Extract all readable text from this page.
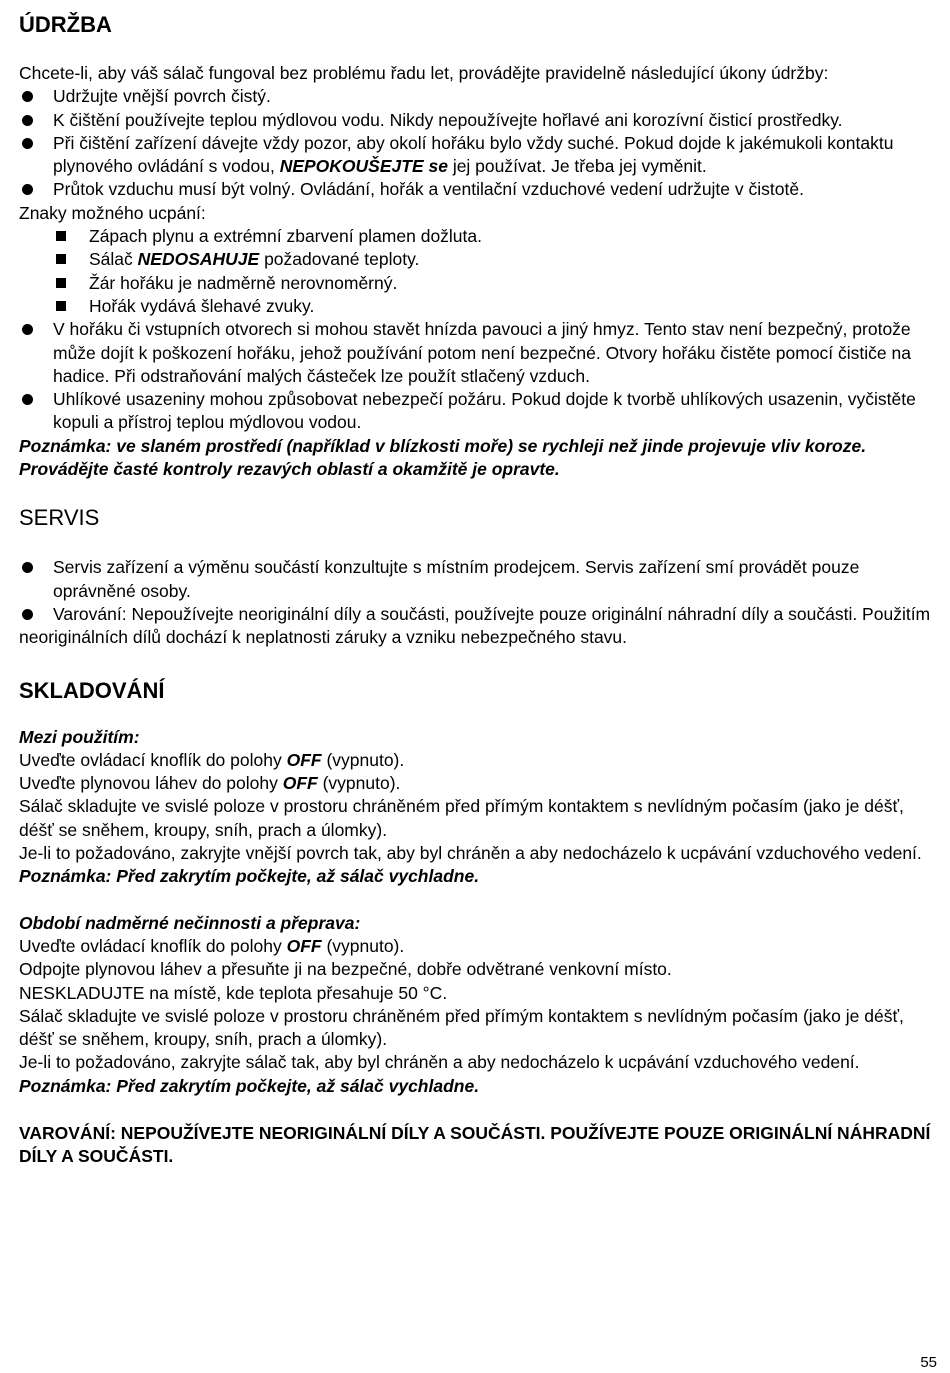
ÚDRŽBA

Chcete-li, aby váš sálač fungoval bez problému řadu let, provádějte pravidelně následující úkony údržby:

Udržujte vnější povrch čistý.
K čištění používejte teplou mýdlovou vodu. Nikdy nepoužívejte hořlavé ani korozívní čisticí prostředky.
Při čištění zařízení dávejte vždy pozor, aby okolí hořáku bylo vždy suché. Pokud dojde k jakémukoli kontaktu plynového ovládání s vodou, NEPOKOUŠEJTE se jej používat. Je třeba jej vyměnit.
Průtok vzduchu musí být volný. Ovládání, hořák a ventilační vzduchové vedení udržujte v čistotě.
Znaky možného ucpání:
Zápach plynu a extrémní zbarvení plamen dožluta.
Sálač NEDOSAHUJE požadované teploty.
Žár hořáku je nadměrně nerovnoměrný.
Hořák vydává šlehavé zvuky.
V hořáku či vstupních otvorech si mohou stavět hnízda pavouci a jiný hmyz. Tento stav není bezpečný, protože může dojít k poškození hořáku, jehož používání potom není bezpečné. Otvory hořáku čistěte pomocí čističe na hadice. Při odstraňování malých částeček lze použít stlačený vzduch.
Uhlíkové usazeniny mohou způsobovat nebezpečí požáru. Pokud dojde k tvorbě uhlíkových usazenin, vyčistěte kopuli a přístroj teplou mýdlovou vodou.

Poznámka: ve slaném prostředí (například v blízkosti moře) se rychleji než jinde projevuje vliv koroze. Provádějte časté kontroly rezavých oblastí a okamžitě je opravte.

SERVIS
Servis zařízení a výměnu součástí konzultujte s místním prodejcem. Servis zařízení smí provádět pouze oprávněné osoby.
Varování: Nepoužívejte neoriginální díly a součásti, používejte pouze originální náhradní díly a součásti. Použitím neoriginálních dílů dochází k neplatnosti záruky a vzniku nebezpečného stavu.
SKLADOVÁNÍ

Mezi použitím:

Uveďte ovládací knoflík do polohy OFF (vypnuto).

Uveďte plynovou láhev do polohy OFF (vypnuto).

Sálač skladujte ve svislé poloze v prostoru chráněném před přímým kontaktem s nevlídným počasím (jako je déšť, déšť se sněhem, kroupy, sníh, prach a úlomky).

Je-li to požadováno, zakryjte vnější povrch tak, aby byl chráněn a aby nedocházelo k ucpávání vzduchového vedení.

Poznámka: Před zakrytím počkejte, až sálač vychladne.

Období nadměrné nečinnosti a přeprava:

Uveďte ovládací knoflík do polohy OFF (vypnuto).

Odpojte plynovou láhev a přesuňte ji na bezpečné, dobře odvětrané venkovní místo.

NESKLADUJTE na místě, kde teplota přesahuje 50 °C.

Sálač skladujte ve svislé poloze v prostoru chráněném před přímým kontaktem s nevlídným počasím (jako je déšť, déšť se sněhem, kroupy, sníh, prach a úlomky).

Je-li to požadováno, zakryjte sálač tak, aby byl chráněn a aby nedocházelo k ucpávání vzduchového vedení.

Poznámka: Před zakrytím počkejte, až sálač vychladne.

VAROVÁNÍ: NEPOUŽÍVEJTE NEORIGINÁLNÍ DÍLY A SOUČÁSTI. POUŽÍVEJTE POUZE ORIGINÁLNÍ NÁHRADNÍ DÍLY A SOUČÁSTI.

55
